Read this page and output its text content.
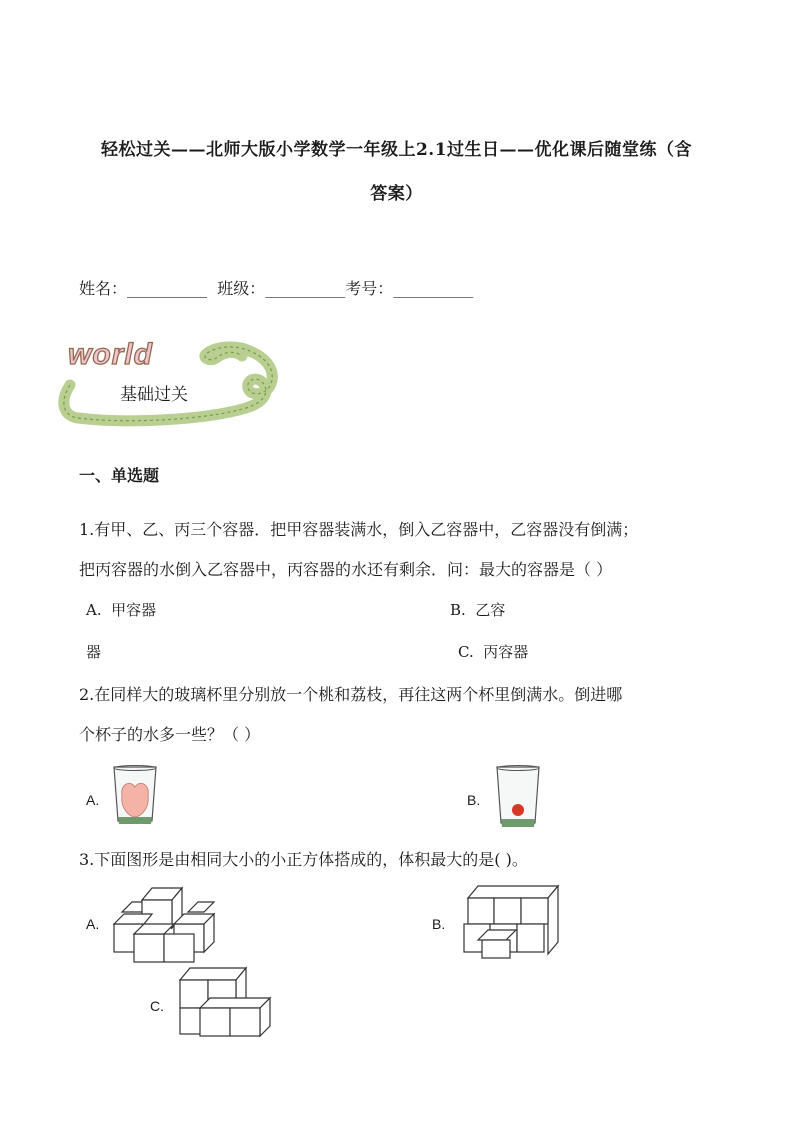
轻松过关——北师大版小学数学一年级上2.1过生日——优化课后随堂练（含
答案）
姓名：__________ 班级：__________考号：__________
world
基础过关
一、单选题
1.有甲、乙、丙三个容器．把甲容器装满水，倒入乙容器中，乙容器没有倒满；
把丙容器的水倒入乙容器中，丙容器的水还有剩余．问：最大的容器是（ ）
A.  甲容器	B.  乙容
器	C.  丙容器
2.在同样大的玻璃杯里分别放一个桃和荔枝，再往这两个杯里倒满水。倒进哪
个杯子的水多一些？（ ）
A.	B.
3.下面图形是由相同大小的小正方体搭成的，体积最大的是( )。
A.	B.
C.
